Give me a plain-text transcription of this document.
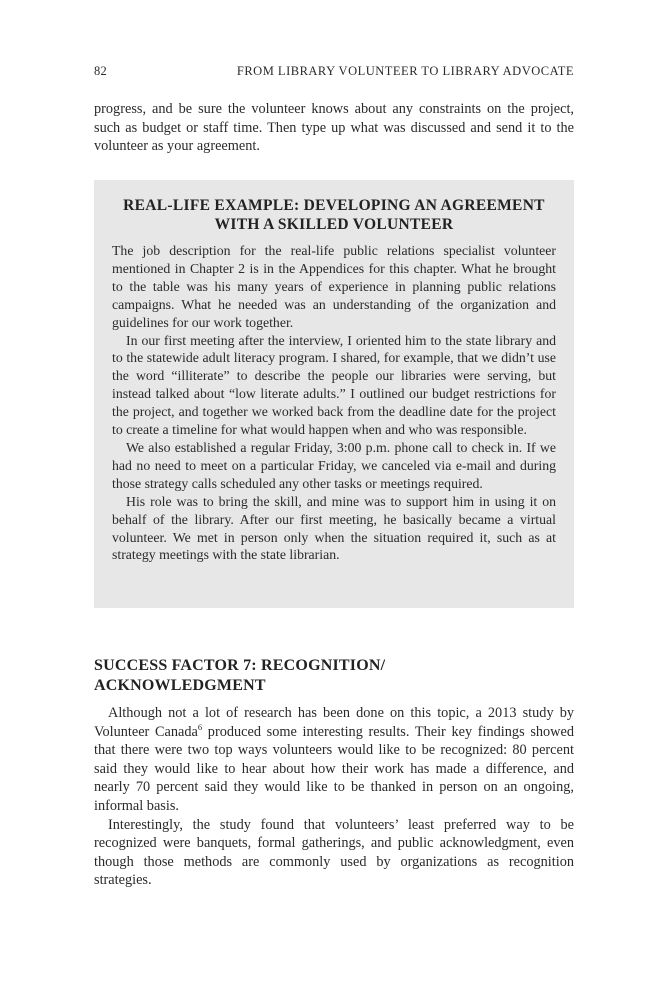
82	FROM LIBRARY VOLUNTEER TO LIBRARY ADVOCATE

progress, and be sure the volunteer knows about any constraints on the project, such as budget or staff time. Then type up what was discussed and send it to the volunteer as your agreement.

REAL-LIFE EXAMPLE: DEVELOPING AN AGREEMENT
WITH A SKILLED VOLUNTEER

The job description for the real-life public relations specialist volunteer mentioned in Chapter 2 is in the Appendices for this chapter. What he brought to the table was his many years of experience in planning public relations campaigns. What he needed was an understanding of the organization and guidelines for our work together.

In our first meeting after the interview, I oriented him to the state library and to the statewide adult literacy program. I shared, for example, that we didn’t use the word “illiterate” to describe the people our libraries were serving, but instead talked about “low literate adults.” I outlined our budget restrictions for the project, and together we worked back from the deadline date for the project to create a timeline for what would happen when and who was responsible.

We also established a regular Friday, 3:00 p.m. phone call to check in. If we had no need to meet on a particular Friday, we canceled via e-mail and during those strategy calls scheduled any other tasks or meetings required.

His role was to bring the skill, and mine was to support him in using it on behalf of the library. After our first meeting, he basically became a virtual volunteer. We met in person only when the situation required it, such as at strategy meetings with the state librarian.

SUCCESS FACTOR 7: RECOGNITION/
ACKNOWLEDGMENT

Although not a lot of research has been done on this topic, a 2013 study by Volunteer Canada$^6$ produced some interesting results. Their key findings showed that there were two top ways volunteers would like to be recognized: 80 percent said they would like to hear about how their work has made a difference, and nearly 70 percent said they would like to be thanked in person on an ongoing, informal basis.

Interestingly, the study found that volunteers’ least preferred way to be recognized were banquets, formal gatherings, and public acknowledgment, even though those methods are commonly used by organizations as recognition strategies.
